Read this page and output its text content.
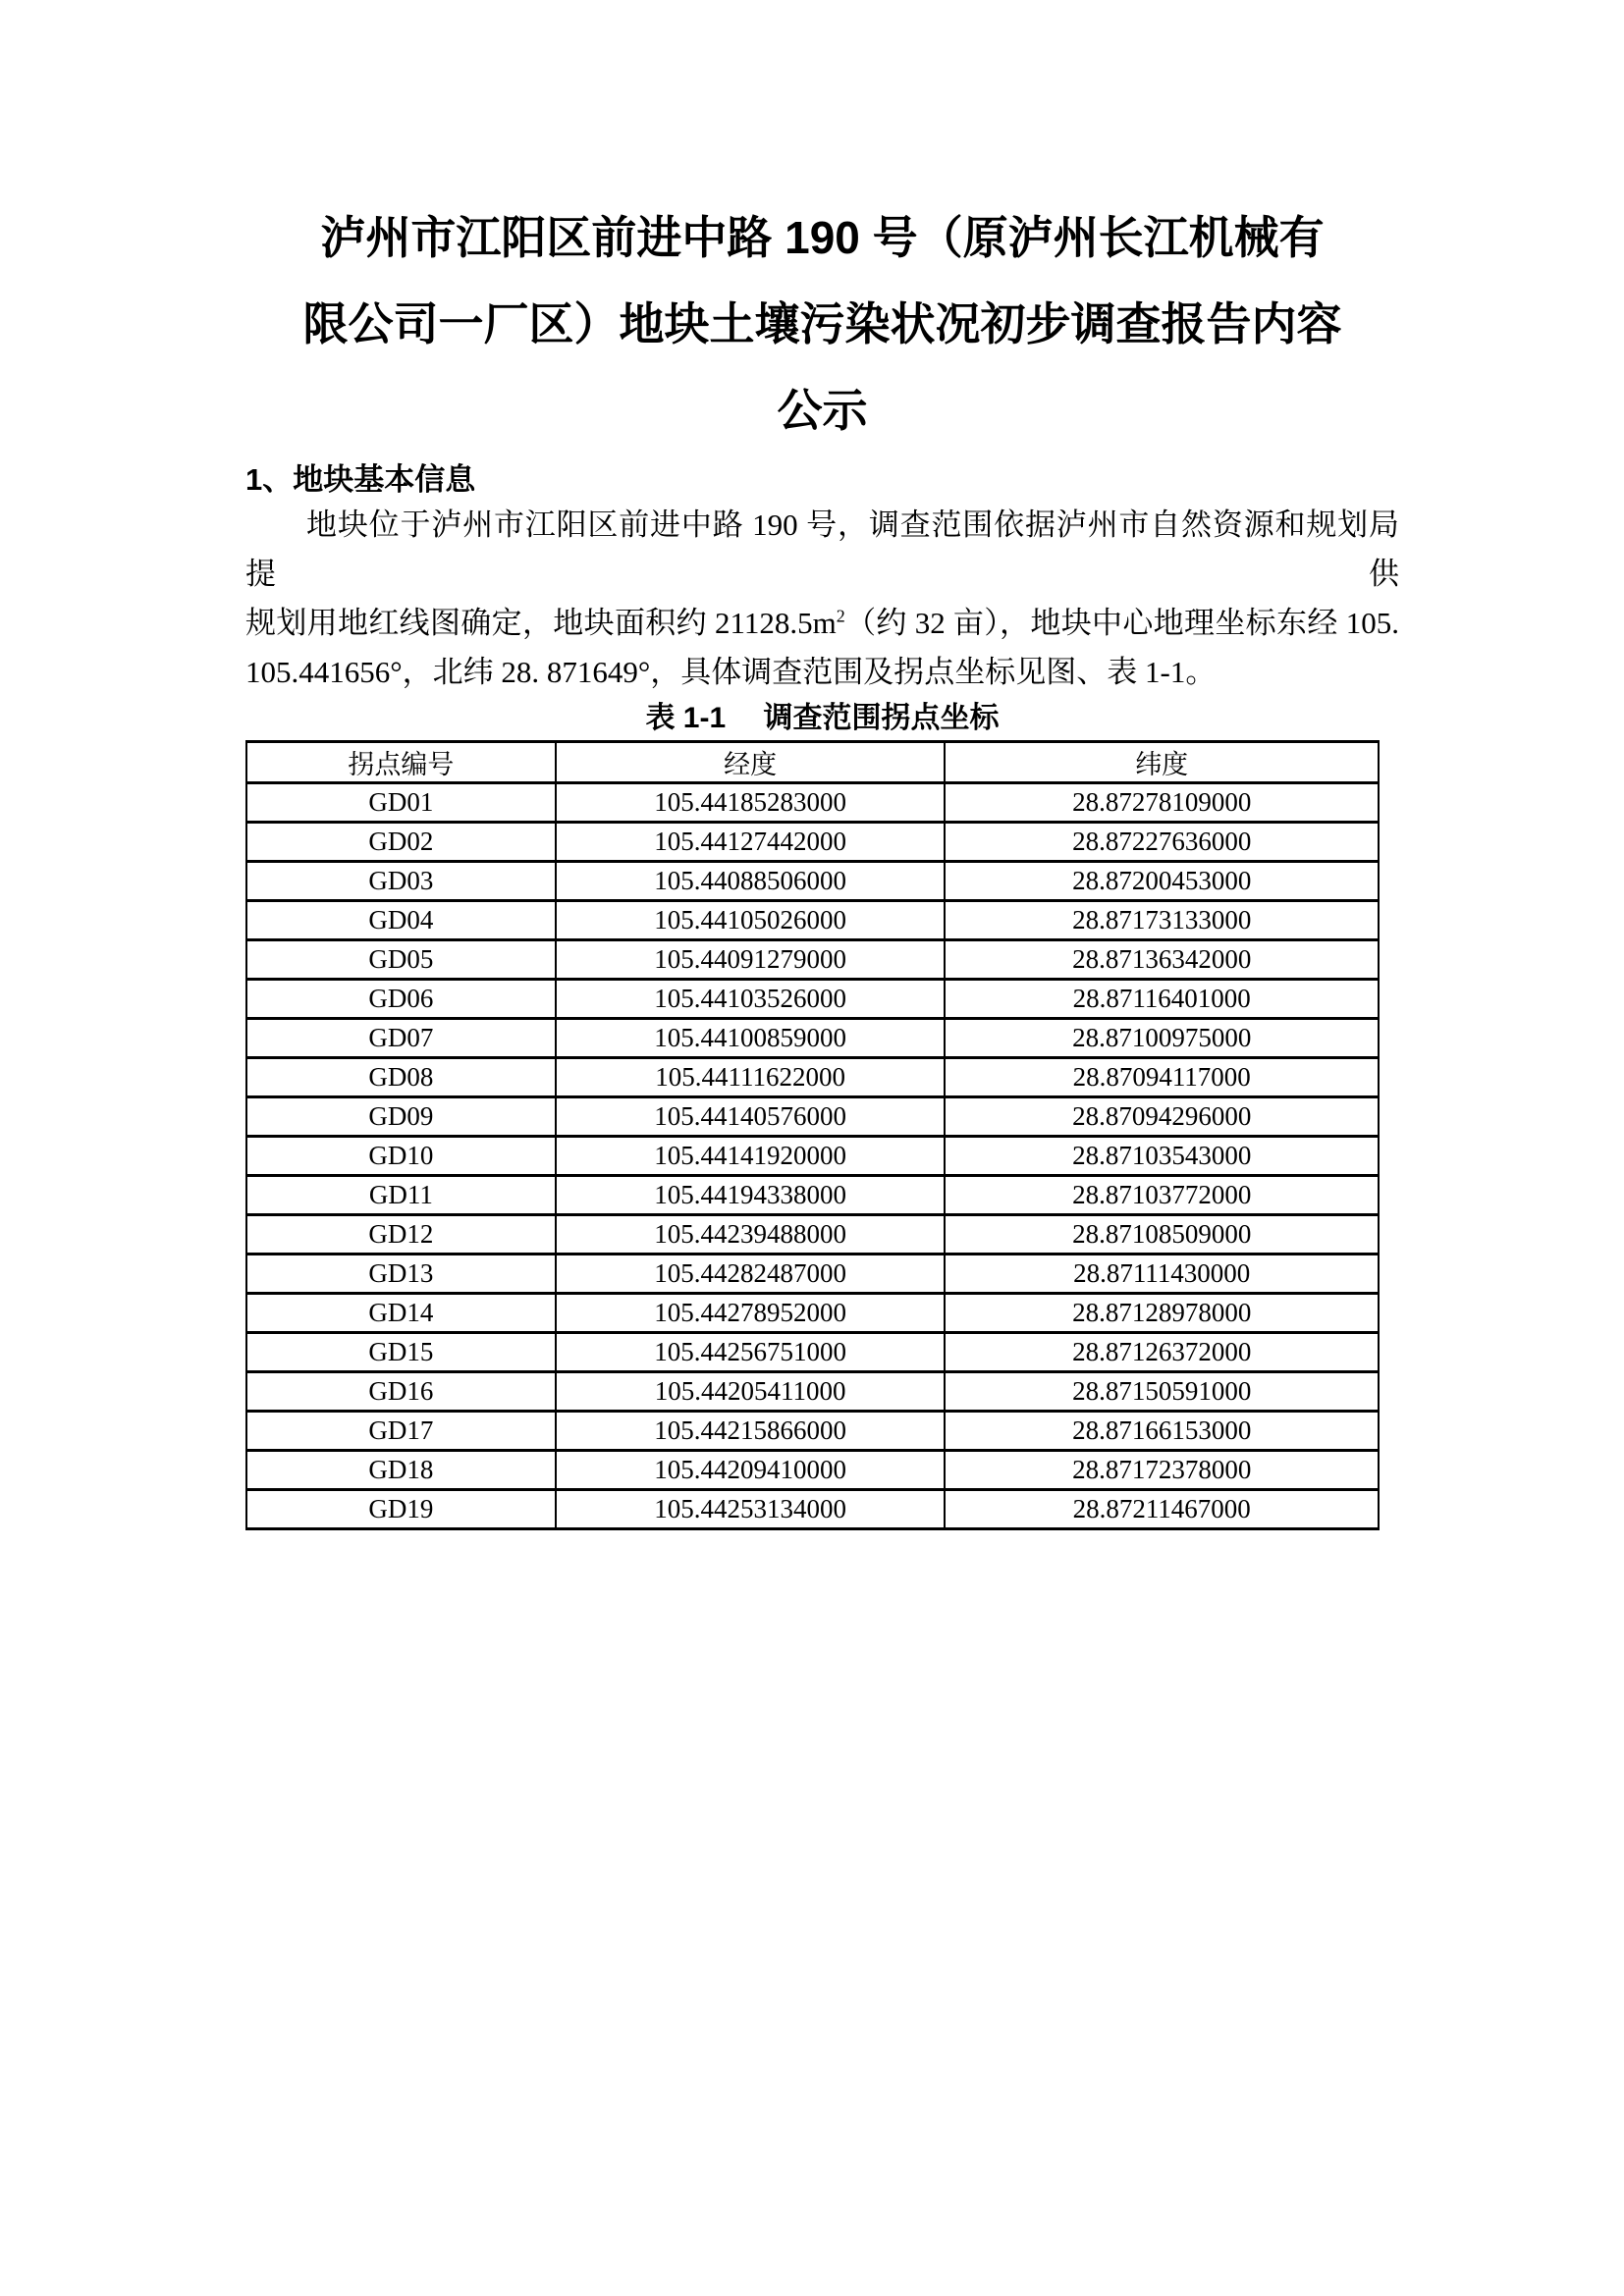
泸州市江阳区前进中路 190 号（原泸州长江机械有
限公司一厂区）地块土壤污染状况初步调查报告内容
公示
1、地块基本信息
地块位于泸州市江阳区前进中路 190 号，调查范围依据泸州市自然资源和规划局提供
规划用地红线图确定，地块面积约 $21128.5m^2$（约 32 亩），地块中心地理坐标东经 105.
105.441656°，北纬 28. 871649°，具体调查范围及拐点坐标见图、表 1-1。
表 1-1 调查范围拐点坐标
拐点编号	经度	纬度
GD01	105.44185283000	28.87278109000
GD02	105.44127442000	28.87227636000
GD03	105.44088506000	28.87200453000
GD04	105.44105026000	28.87173133000
GD05	105.44091279000	28.87136342000
GD06	105.44103526000	28.87116401000
GD07	105.44100859000	28.87100975000
GD08	105.44111622000	28.87094117000
GD09	105.44140576000	28.87094296000
GD10	105.44141920000	28.87103543000
GD11	105.44194338000	28.87103772000
GD12	105.44239488000	28.87108509000
GD13	105.44282487000	28.87111430000
GD14	105.44278952000	28.87128978000
GD15	105.44256751000	28.87126372000
GD16	105.44205411000	28.87150591000
GD17	105.44215866000	28.87166153000
GD18	105.44209410000	28.87172378000
GD19	105.44253134000	28.87211467000
